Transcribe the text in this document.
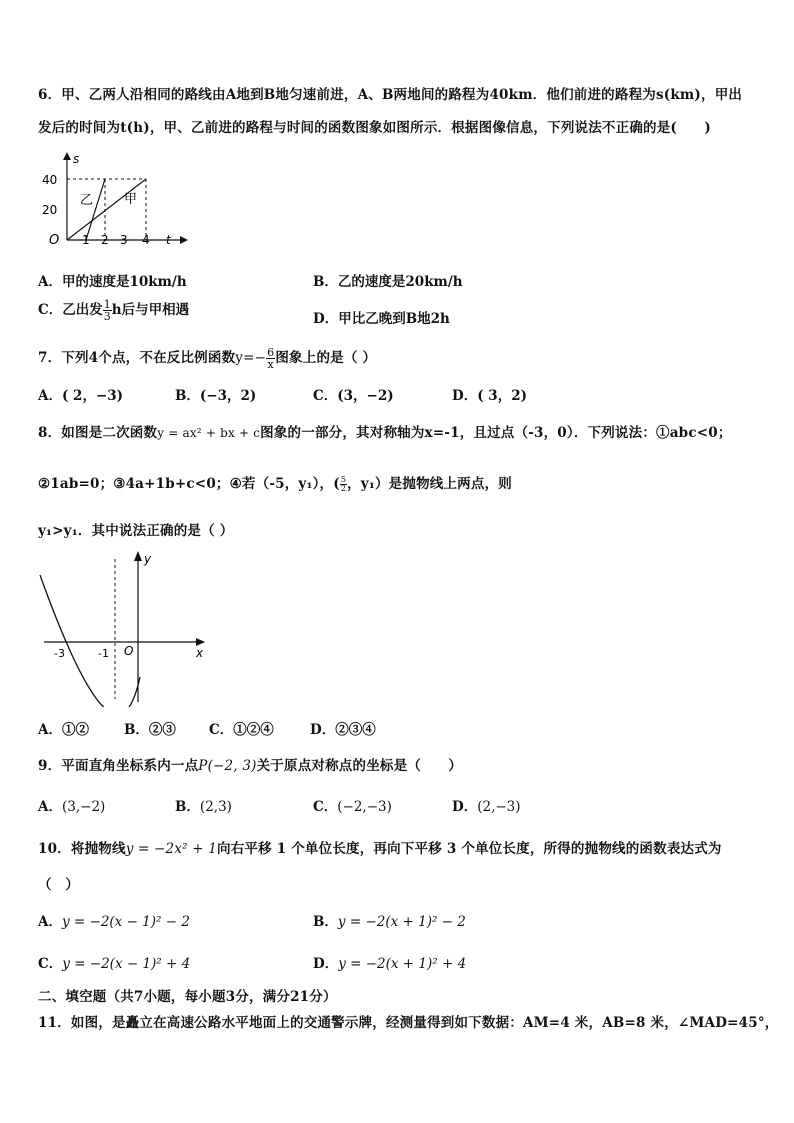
6．甲、乙两人沿相同的路线由A地到B地匀速前进，A、B两地间的路程为40km．他们前进的路程为s(km)，甲出
发后的时间为t(h)，甲、乙前进的路程与时间的函数图象如图所示．根据图像信息，下列说法不正确的是(　　)
s
t
O
40
20
1 2 3 4
乙 甲
A．甲的速度是10km/h	B．乙的速度是20km/h
C．乙出发 $\frac{1}{3}$ h后与甲相遇
D．甲比乙晚到B地2h
7．下列4个点，不在反比例函数$y=- \frac{6}{x}$ 图象上的是（ ）
A．( 2，−3)	B．(−3，2)	C．(3，−2)	D．( 3，2)
8．如图是二次函数y = ax² + bx + c图象的一部分，其对称轴为x=-1，且过点（-3，0）．下列说法：①abc<0；
②1ab=0；③4a+1b+c<0；④若（-5，y₁），( $\frac{5}{2}$ ，y₁）是抛物线上两点，则
y₁>y₁．其中说法正确的是（ ）
y
x
O
-3	-1
A．①②	B．②③ C．①②④	D．②③④
9．平面直角坐标系内一点P(−2, 3)关于原点对称点的坐标是（　　）
A．(3,−2)	B．(2,3)	C．(−2,−3)	D．(2,−3)
10．将抛物线y = −2x² + 1向右平移 1 个单位长度，再向下平移 3 个单位长度，所得的抛物线的函数表达式为
（　）
A．y = −2(x − 1)² − 2	B．y = −2(x + 1)² − 2
C．y = −2(x − 1)² + 4	D．y = −2(x + 1)² + 4
二、填空题（共7小题，每小题3分，满分21分）
11．如图，是矗立在高速公路水平地面上的交通警示牌，经测量得到如下数据：AM=4 米，AB=8 米，∠MAD=45°，
